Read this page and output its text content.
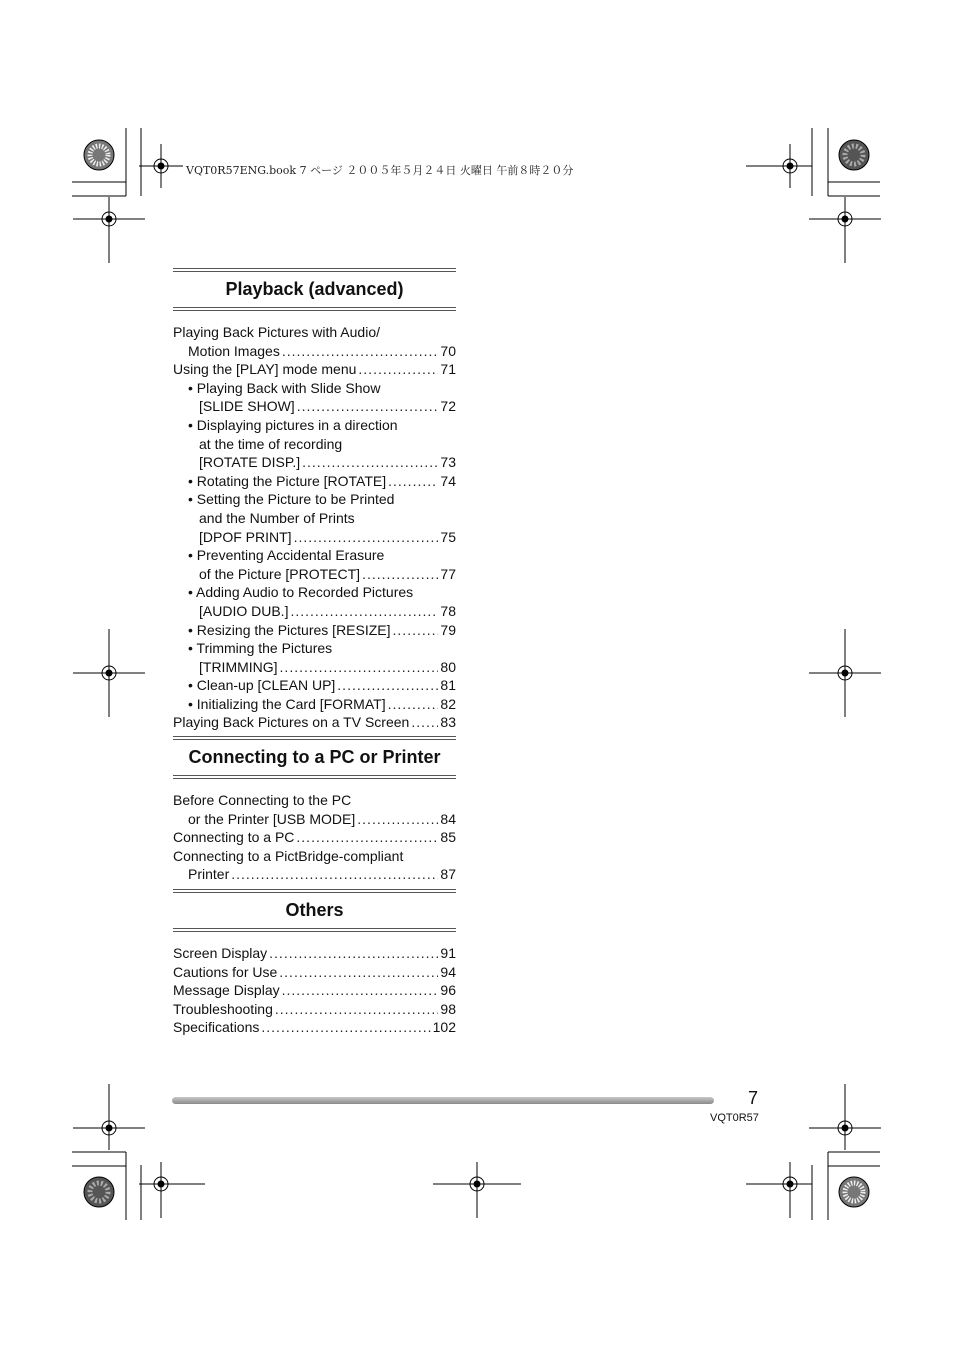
VQT0R57ENG.book 7 ページ ２００５年５月２４日 火曜日 午前８時２０分
Playback (advanced)
Playing Back Pictures with Audio/
Motion Images .....	70
Using the [PLAY] mode menu .....	71
• Playing Back with Slide Show
[SLIDE SHOW] .....	72
• Displaying pictures in a direction
at the time of recording
[ROTATE DISP.] .....	73
• Rotating the Picture [ROTATE] .....	74
• Setting the Picture to be Printed
and the Number of Prints
[DPOF PRINT] .....	75
• Preventing Accidental Erasure
of the Picture [PROTECT] .....	77
• Adding Audio to Recorded Pictures
[AUDIO DUB.] .....	78
• Resizing the Pictures [RESIZE] .....	79
• Trimming the Pictures
[TRIMMING] .....	80
• Clean-up [CLEAN UP] .....	81
• Initializing the Card [FORMAT] .....	82
Playing Back Pictures on a TV Screen ..... 83
Connecting to a PC or Printer
Before Connecting to the PC
or the Printer [USB MODE] .....	84
Connecting to a PC .....	85
Connecting to a PictBridge-compliant
Printer .....	87
Others
Screen Display .....	91
Cautions for Use .....	94
Message Display .....	96
Troubleshooting .....	98
Specifications .....	102
7
VQT0R57
